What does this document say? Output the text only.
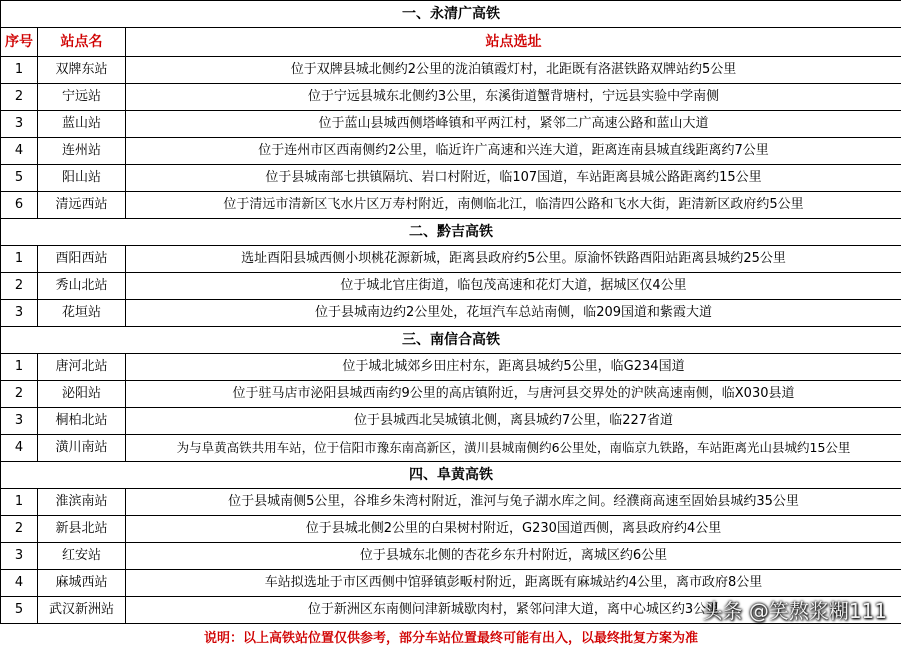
一、永清广高铁		
序号	站点名	站点选址
1	双牌东站	位于双牌县城北侧约2公里的泷泊镇霞灯村，北距既有洛湛铁路双牌站约5公里
2	宁远站	位于宁远县城东北侧约3公里，东溪街道蟹背塘村，宁远县实验中学南侧
3	蓝山站	位于蓝山县城西侧塔峰镇和平两江村，紧邻二广高速公路和蓝山大道
4	连州站	位于连州市区西南侧约2公里，临近许广高速和兴连大道，距离连南县城直线距离约7公里
5	阳山站	位于县城南部七拱镇隔坑、岩口村附近，临107国道，车站距离县城公路距离约15公里
6	清远西站	位于清远市清新区飞水片区万寿村附近，南侧临北江，临清四公路和飞水大街，距清新区政府约5公里
二、黔吉高铁		
1	酉阳西站	选址酉阳县城西侧小坝桃花源新城，距离县政府约5公里。原渝怀铁路酉阳站距离县城约25公里
2	秀山北站	位于城北官庄街道，临包茂高速和花灯大道，据城区仅4公里
3	花垣站	位于县城南边约2公里处，花垣汽车总站南侧，临209国道和紫霞大道
三、南信合高铁		
1	唐河北站	位于城北城郊乡田庄村东，距离县城约5公里，临G234国道
2	泌阳站	位于驻马店市泌阳县城西南约9公里的高店镇附近，与唐河县交界处的沪陕高速南侧，临X030县道
3	桐柏北站	位于县城西北吴城镇北侧，离县城约7公里，临227省道
4	潢川南站	为与阜黄高铁共用车站，位于信阳市豫东南高新区，潢川县城南侧约6公里处，南临京九铁路，车站距离光山县城约15公里
四、阜黄高铁		
1	淮滨南站	位于县城南侧5公里，谷堆乡朱湾村附近，淮河与兔子湖水库之间。经濮商高速至固始县城约35公里
2	新县北站	位于县城北侧2公里的白果树村附近，G230国道西侧，离县政府约4公里
3	红安站	位于县城东北侧的杏花乡东升村附近，离城区约6公里
4	麻城西站	车站拟选址于市区西侧中馆驿镇彭畈村附近，距离既有麻城站约4公里，离市政府8公里
5	武汉新洲站	位于新洲区东南侧问津新城歇肉村，紧邻问津大道，离中心城区约3公里
说明：以上高铁站位置仅供参考，部分车站位置最终可能有出入，以最终批复方案为准		
头条 @笑熬浆糊111
